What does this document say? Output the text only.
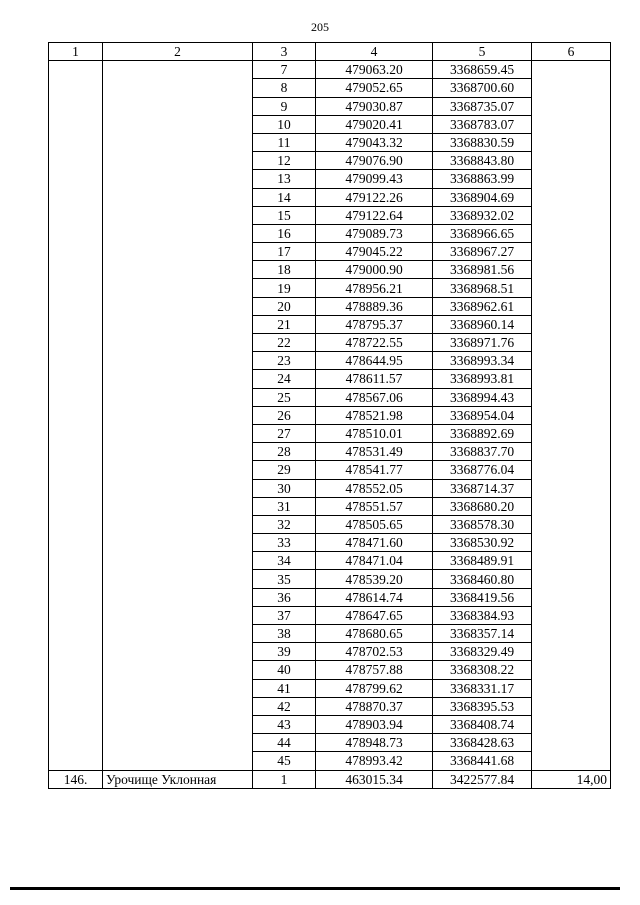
205
1	2	3	4	5	6
		7	479063.20	3368659.45	
		8	479052.65	3368700.60	
		9	479030.87	3368735.07	
		10	479020.41	3368783.07	
		11	479043.32	3368830.59	
		12	479076.90	3368843.80	
		13	479099.43	3368863.99	
		14	479122.26	3368904.69	
		15	479122.64	3368932.02	
		16	479089.73	3368966.65	
		17	479045.22	3368967.27	
		18	479000.90	3368981.56	
		19	478956.21	3368968.51	
		20	478889.36	3368962.61	
		21	478795.37	3368960.14	
		22	478722.55	3368971.76	
		23	478644.95	3368993.34	
		24	478611.57	3368993.81	
		25	478567.06	3368994.43	
		26	478521.98	3368954.04	
		27	478510.01	3368892.69	
		28	478531.49	3368837.70	
		29	478541.77	3368776.04	
		30	478552.05	3368714.37	
		31	478551.57	3368680.20	
		32	478505.65	3368578.30	
		33	478471.60	3368530.92	
		34	478471.04	3368489.91	
		35	478539.20	3368460.80	
		36	478614.74	3368419.56	
		37	478647.65	3368384.93	
		38	478680.65	3368357.14	
		39	478702.53	3368329.49	
		40	478757.88	3368308.22	
		41	478799.62	3368331.17	
		42	478870.37	3368395.53	
		43	478903.94	3368408.74	
		44	478948.73	3368428.63	
		45	478993.42	3368441.68	
146.	Урочище Уклонная	1	463015.34	3422577.84	14,00
